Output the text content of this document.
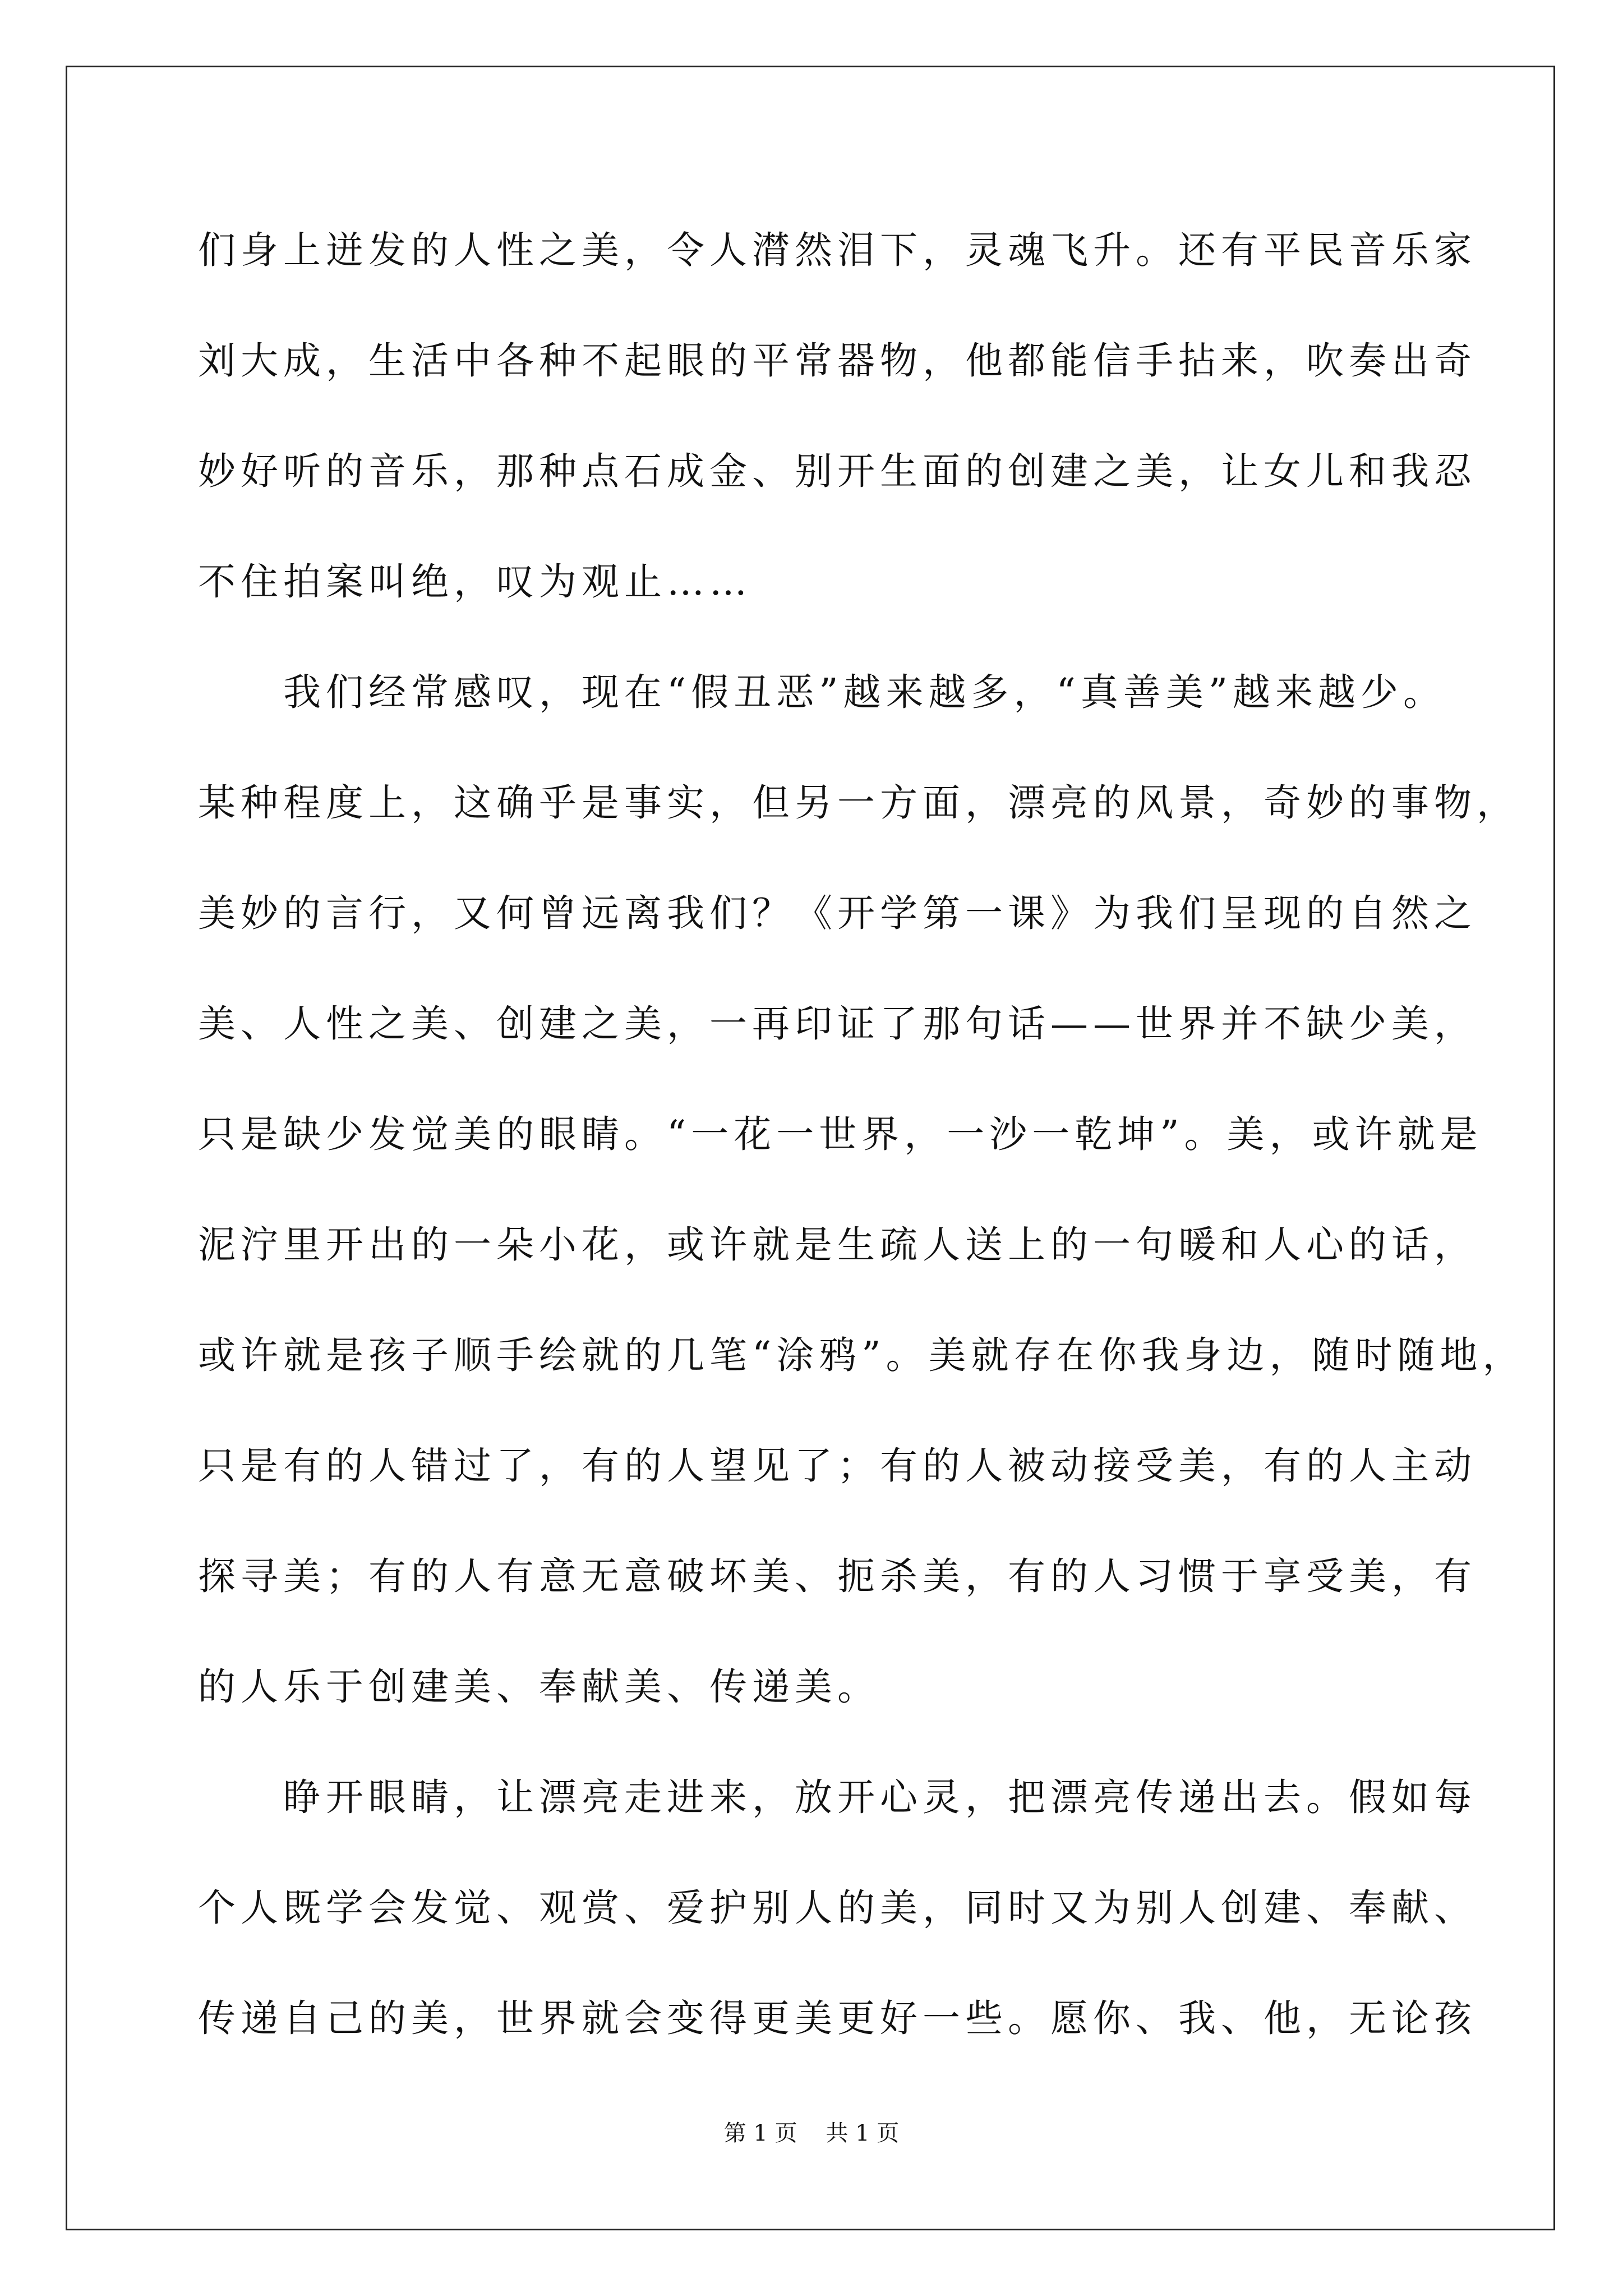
们身上迸发的人性之美，令人潸然泪下，灵魂飞升。还有平民音乐家

刘大成，生活中各种不起眼的平常器物，他都能信手拈来，吹奏出奇

妙好听的音乐，那种点石成金、别开生面的创建之美，让女儿和我忍

不住拍案叫绝，叹为观止……

　　我们经常感叹，现在“假丑恶”越来越多，“真善美”越来越少。

某种程度上，这确乎是事实，但另一方面，漂亮的风景，奇妙的事物，

美妙的言行，又何曾远离我们？《开学第一课》为我们呈现的自然之

美、人性之美、创建之美，一再印证了那句话——世界并不缺少美，

只是缺少发觉美的眼睛。“一花一世界，一沙一乾坤”。美，或许就是

泥泞里开出的一朵小花，或许就是生疏人送上的一句暖和人心的话，

或许就是孩子顺手绘就的几笔“涂鸦”。美就存在你我身边，随时随地，

只是有的人错过了，有的人望见了；有的人被动接受美，有的人主动

探寻美；有的人有意无意破坏美、扼杀美，有的人习惯于享受美，有

的人乐于创建美、奉献美、传递美。

　　睁开眼睛，让漂亮走进来，放开心灵，把漂亮传递出去。假如每

个人既学会发觉、观赏、爱护别人的美，同时又为别人创建、奉献、

传递自己的美，世界就会变得更美更好一些。愿你、我、他，无论孩

第 1 页    共 1 页
